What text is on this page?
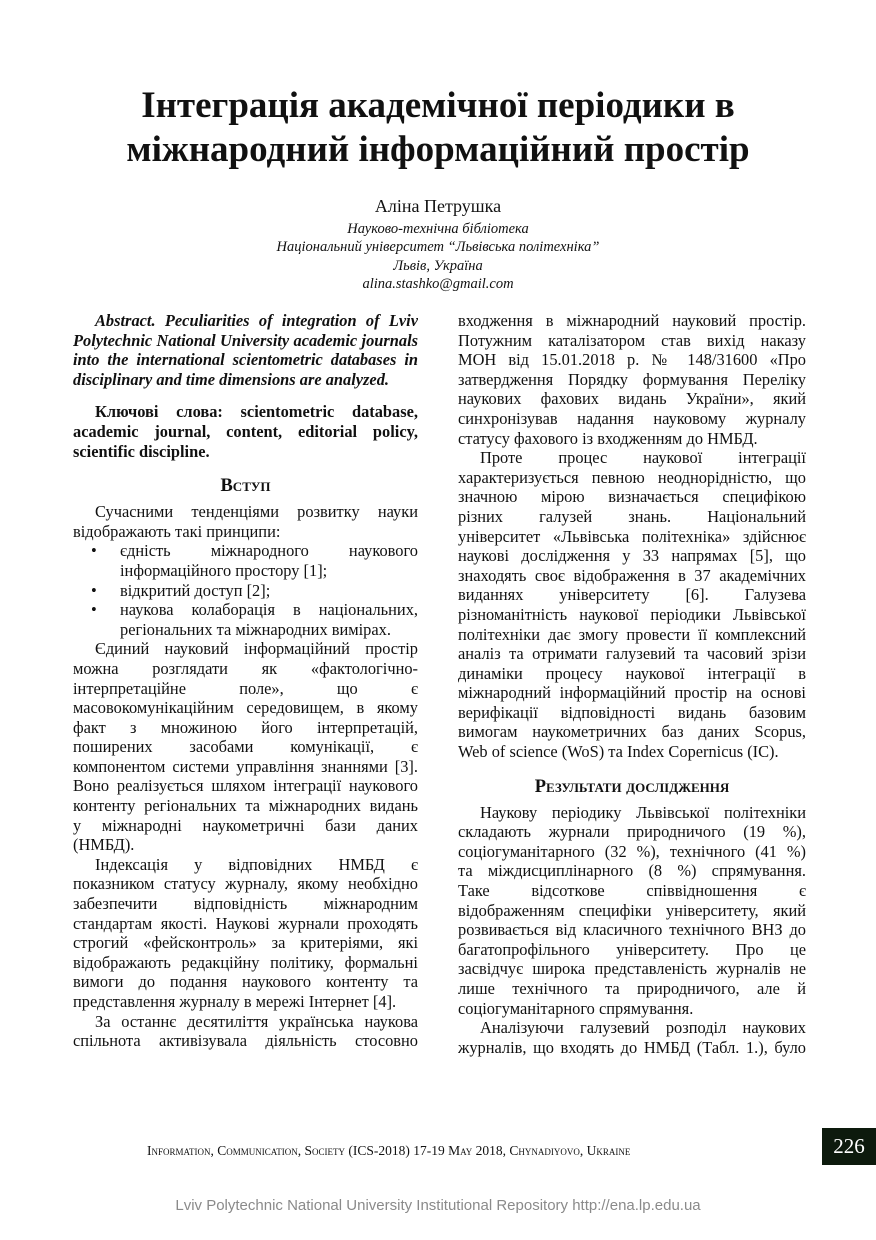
Інтеграція академічної періодики в
міжнародний інформаційний простір
Аліна Петрушка
Науково-технічна бібліотека
Національний університет “Львівська політехніка”
Львів, Україна
alina.stashko@gmail.com
Abstract. Peculiarities of integration of Lviv
Polytechnic National University academic journals
into the international scientometric databases in
disciplinary and time dimensions are analyzed.
Ключові слова: scientometric database,
academic journal, content, editorial policy,
scientific discipline.
Вступ
Сучасними тенденціями розвитку науки
відображають такі принципи:
• єдність міжнародного наукового
інформаційного простору [1];
• відкритий доступ [2];
• наукова колаборація в національних,
регіональних та міжнародних вимірах.
Єдиний науковий інформаційний простір
можна розглядати як «фактологічно-
інтерпретаційне поле», що є
масовокомунікаційним середовищем, в якому
факт з множиною його інтерпретацій,
поширених засобами комунікації, є
компонентом системи управління знаннями [3].
Воно реалізується шляхом інтеграції наукового
контенту регіональних та міжнародних видань
у міжнародні наукометричні бази даних
(НМБД).
Індексація у відповідних НМБД є
показником статусу журналу, якому необхідно
забезпечити відповідність міжнародним
стандартам якості. Наукові журнали проходять
строгий «фейсконтроль» за критеріями, які
відображають редакційну політику, формальні
вимоги до подання наукового контенту та
представлення журналу в мережі Інтернет [4].
За останнє десятиліття українська наукова
спільнота активізувала діяльність стосовно
входження в міжнародний науковий простір.
Потужним каталізатором став вихід наказу
МОН від 15.01.2018 р. № 148/31600 «Про
затвердження Порядку формування Переліку
наукових фахових видань України», який
синхронізував надання науковому журналу
статусу фахового із входженням до НМБД.
Проте процес наукової інтеграції
характеризується певною неоднорідністю, що
значною мірою визначається специфікою
різних галузей знань. Національний
університет «Львівська політехніка» здійснює
наукові дослідження у 33 напрямах [5], що
знаходять своє відображення в 37 академічних
виданнях університету [6]. Галузева
різноманітність наукової періодики Львівської
політехніки дає змогу провести її комплексний
аналіз та отримати галузевий та часовий зрізи
динаміки процесу наукової інтеграції в
міжнародний інформаційний простір на основі
верифікації відповідності видань базовим
вимогам наукометричних баз даних Scopus,
Web of science (WoS) та Index Copernicus (IC).
Результати дослідження
Наукову періодику Львівської політехніки
складають журнали природничого (19 %),
соціогуманітарного (32 %), технічного (41 %)
та міждисциплінарного (8 %) спрямування.
Таке відсоткове співвідношення є
відображенням специфіки університету, який
розвивається від класичного технічного ВНЗ до
багатопрофільного університету. Про це
засвідчує широка представленість журналів не
лише технічного та природничого, але й
соціогуманітарного спрямування.
Аналізуючи галузевий розподіл наукових
журналів, що входять до НМБД (Табл. 1.), було
Information, Communication, Society (ICS-2018) 17-19 May 2018, Chynadiyovo, Ukraine	226
Lviv Polytechnic National University Institutional Repository http://ena.lp.edu.ua
